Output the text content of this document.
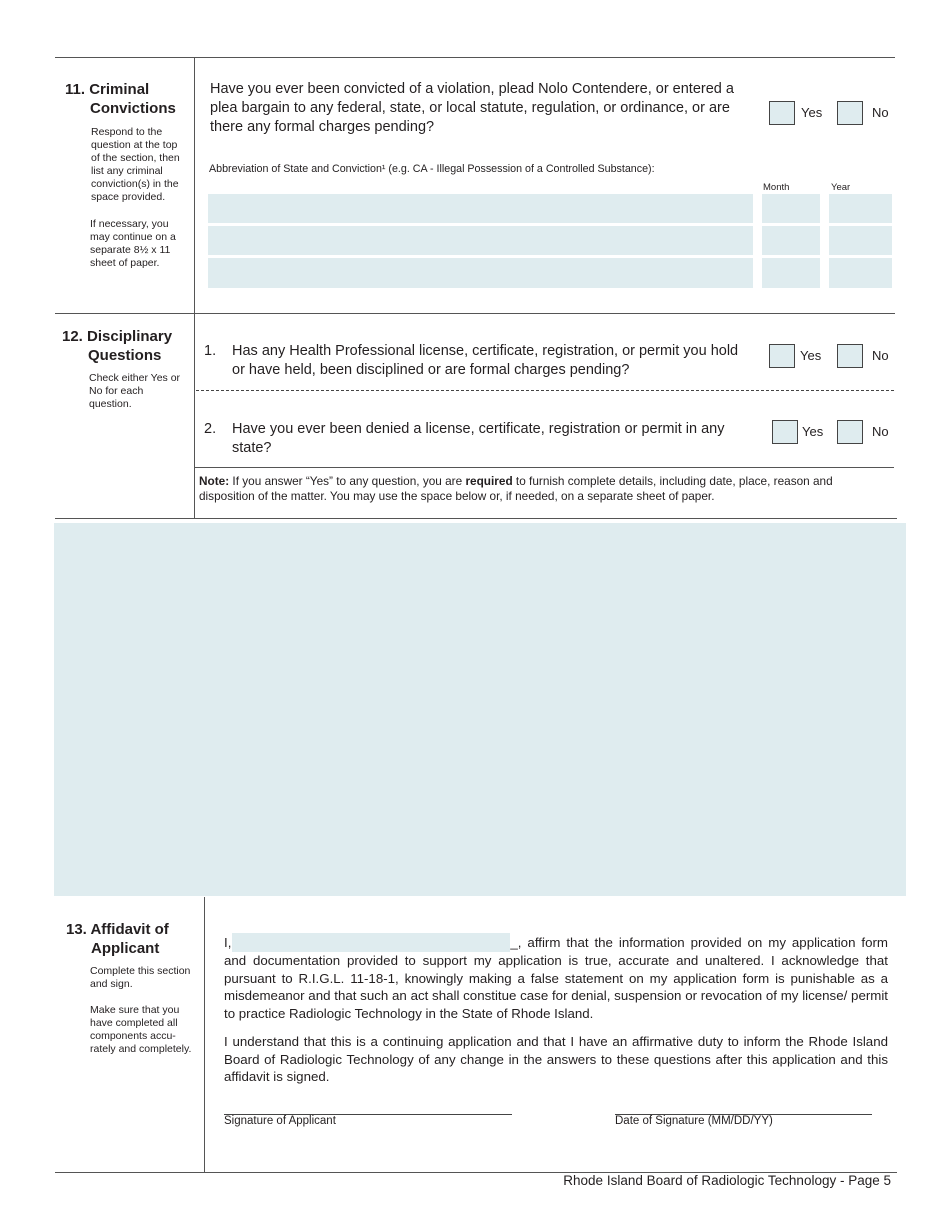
11. Criminal
Convictions
Respond to the question at the top of the section, then list any criminal conviction(s) in the space provided.
If necessary, you may continue on a separate 8½ x 11 sheet of paper.
Have you ever been convicted of a violation, plead Nolo Contendere, or entered a plea bargain to any federal, state, or local statute, regulation, or ordinance, or are there any formal charges pending?
Yes	No
Abbreviation of State and Conviction¹ (e.g. CA - Illegal Possession of a Controlled Substance):
Month	Year
12. Disciplinary
Questions
Check either Yes or No for each question.
1. Has any Health Professional license, certificate, registration, or permit you hold or have held, been disciplined or are formal charges pending?
Yes	No
2. Have you ever been denied a license, certificate, registration or permit in any state?
Yes	No
Note: If you answer “Yes” to any question, you are required to furnish complete details, including date, place, reason and disposition of the matter. You may use the space below or, if needed, on a separate sheet of paper.
13. Affidavit of
Applicant
Complete this section and sign.
Make sure that you have completed all components accu-rately and completely.
I,	_, affirm that the information provided on my application form and documentation provided to support my application is true, accurate and unaltered. I acknowledge that pursuant to R.I.G.L. 11-18-1, knowingly making a false statement on my application form is punishable as a misdemeanor and that such an act shall constitue case for denial, suspension or revocation of my license/ permit to practice Radiologic Technology in the State of Rhode Island.
I understand that this is a continuing application and that I have an affirmative duty to inform the Rhode Island Board of Radiologic Technology of any change in the answers to these questions after this application and this affidavit is signed.
Signature of Applicant	Date of Signature (MM/DD/YY)
Rhode Island Board of Radiologic Technology - Page 5
